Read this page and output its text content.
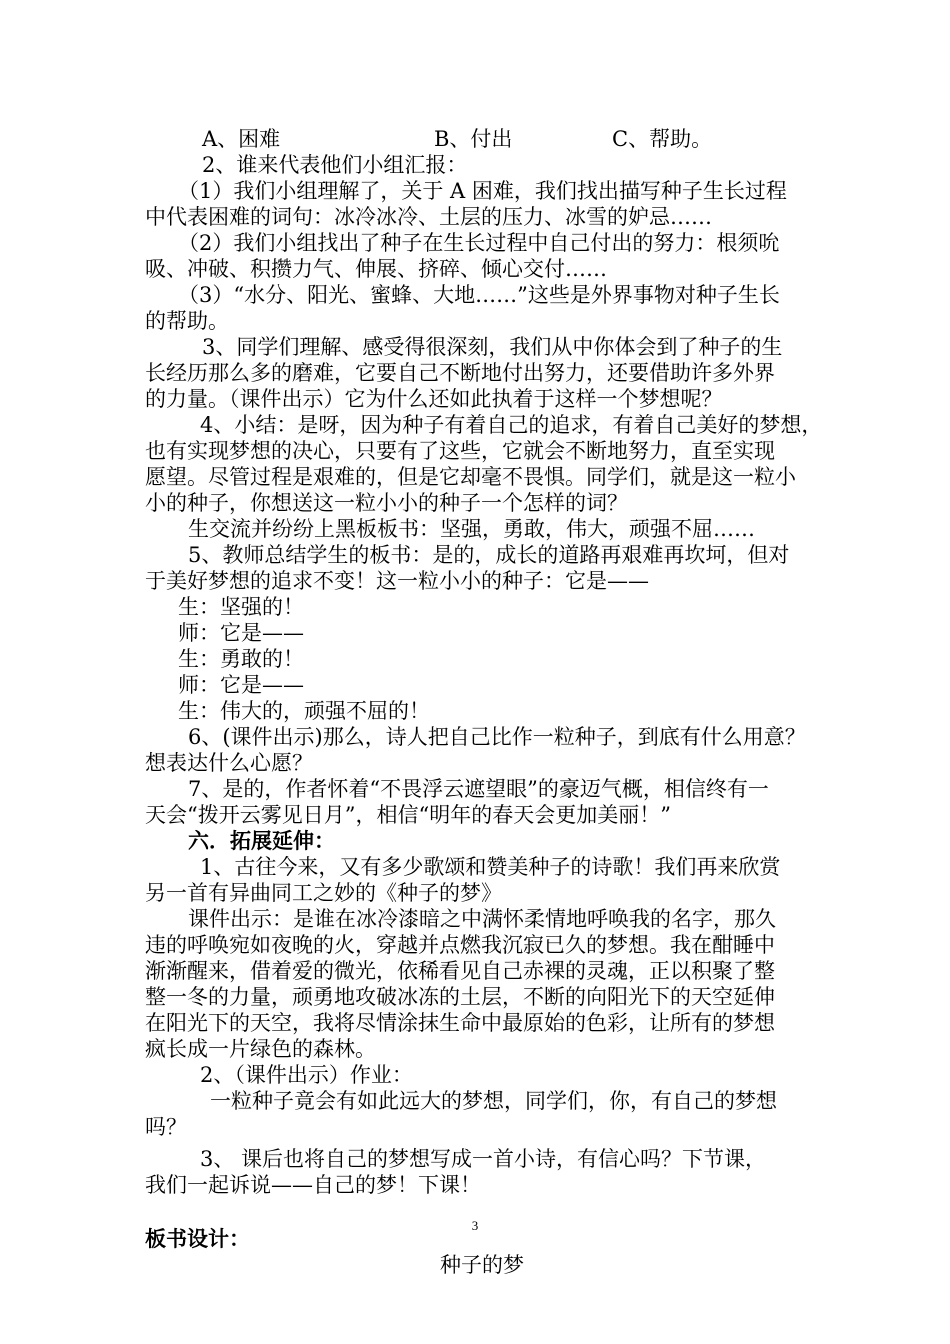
A、困难	B、付出	C、帮助。
2、谁来代表他们小组汇报：
（1）我们小组理解了，关于 A 困难，我们找出描写种子生长过程
中代表困难的词句：冰冷冰冷、土层的压力、冰雪的妒忌……
（2）我们小组找出了种子在生长过程中自己付出的努力：根须吮
吸、冲破、积攒力气、伸展、挤碎、倾心交付……
（3）“水分、阳光、蜜蜂、大地……”这些是外界事物对种子生长
的帮助。
3、同学们理解、感受得很深刻，我们从中你体会到了种子的生
长经历那么多的磨难，它要自己不断地付出努力，还要借助许多外界
的力量。（课件出示）它为什么还如此执着于这样一个梦想呢？
4、小结：是呀，因为种子有着自己的追求，有着自己美好的梦想，
也有实现梦想的决心，只要有了这些，它就会不断地努力，直至实现
愿望。尽管过程是艰难的，但是它却毫不畏惧。同学们，就是这一粒小
小的种子，你想送这一粒小小的种子一个怎样的词？
生交流并纷纷上黑板板书：坚强，勇敢，伟大，顽强不屈……
5、教师总结学生的板书：是的，成长的道路再艰难再坎坷，但对
于美好梦想的追求不变！这一粒小小的种子：它是——
生：坚强的！
师：它是——
生：勇敢的！
师：它是——
生：伟大的，顽强不屈的！
6、(课件出示)那么，诗人把自己比作一粒种子，到底有什么用意？
想表达什么心愿？
7、是的，作者怀着“不畏浮云遮望眼”的豪迈气概，相信终有一
天会“拨开云雾见日月”，相信“明年的春天会更加美丽！”
六．拓展延伸：
1、古往今来，又有多少歌颂和赞美种子的诗歌！我们再来欣赏
另一首有异曲同工之妙的《种子的梦》
课件出示：是谁在冰冷漆暗之中满怀柔情地呼唤我的名字，那久
违的呼唤宛如夜晚的火，穿越并点燃我沉寂已久的梦想。我在酣睡中
渐渐醒来，借着爱的微光，依稀看见自己赤裸的灵魂，正以积聚了整
整一冬的力量，顽勇地攻破冰冻的土层，不断的向阳光下的天空延伸
在阳光下的天空，我将尽情涂抹生命中最原始的色彩，让所有的梦想
疯长成一片绿色的森林。
2、（课件出示）作业：
一粒种子竟会有如此远大的梦想，同学们，你，有自己的梦想
吗？
3、 课后也将自己的梦想写成一首小诗，有信心吗？下节课，
我们一起诉说——自己的梦！下课！
板书设计：
种子的梦
3
